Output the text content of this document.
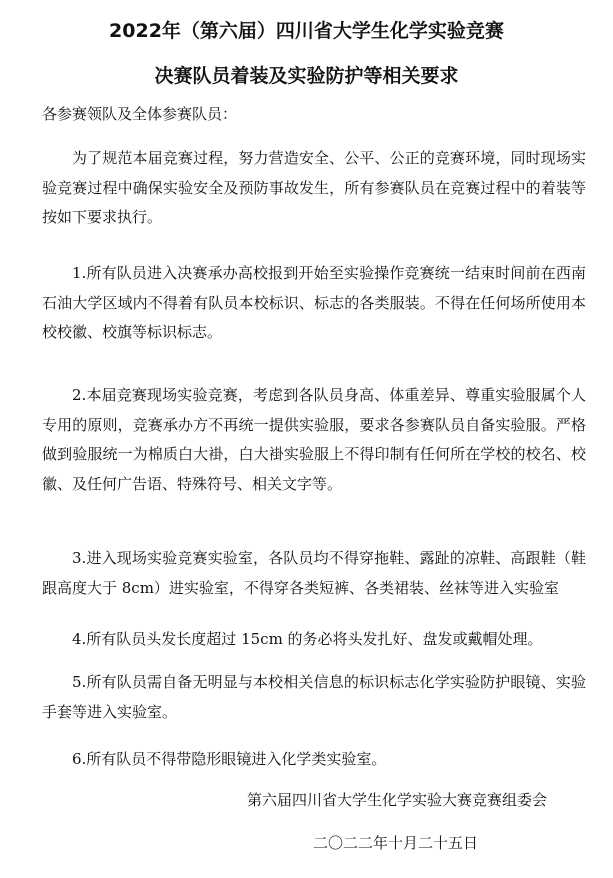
2022年（第六届）四川省大学生化学实验竞赛
决赛队员着装及实验防护等相关要求
各参赛领队及全体参赛队员：
为了规范本届竞赛过程，努力营造安全、公平、公正的竞赛环境，同时现场实验竞赛过程中确保实验安全及预防事故发生，所有参赛队员在竞赛过程中的着装等按如下要求执行。
1.所有队员进入决赛承办高校报到开始至实验操作竞赛统一结束时间前在西南石油大学区域内不得着有队员本校标识、标志的各类服装。不得在任何场所使用本校校徽、校旗等标识标志。
2.本届竞赛现场实验竞赛，考虑到各队员身高、体重差异、尊重实验服属个人专用的原则，竞赛承办方不再统一提供实验服，要求各参赛队员自备实验服。严格做到验服统一为棉质白大褂，白大褂实验服上不得印制有任何所在学校的校名、校徽、及任何广告语、特殊符号、相关文字等。
3.进入现场实验竞赛实验室，各队员均不得穿拖鞋、露趾的凉鞋、高跟鞋（鞋跟高度大于 8cm）进实验室，不得穿各类短裤、各类裙装、丝袜等进入实验室
4.所有队员头发长度超过 15cm 的务必将头发扎好、盘发或戴帽处理。
5.所有队员需自备无明显与本校相关信息的标识标志化学实验防护眼镜、实验手套等进入实验室。
6.所有队员不得带隐形眼镜进入化学类实验室。
第六届四川省大学生化学实验大赛竞赛组委会
二〇二二年十月二十五日
